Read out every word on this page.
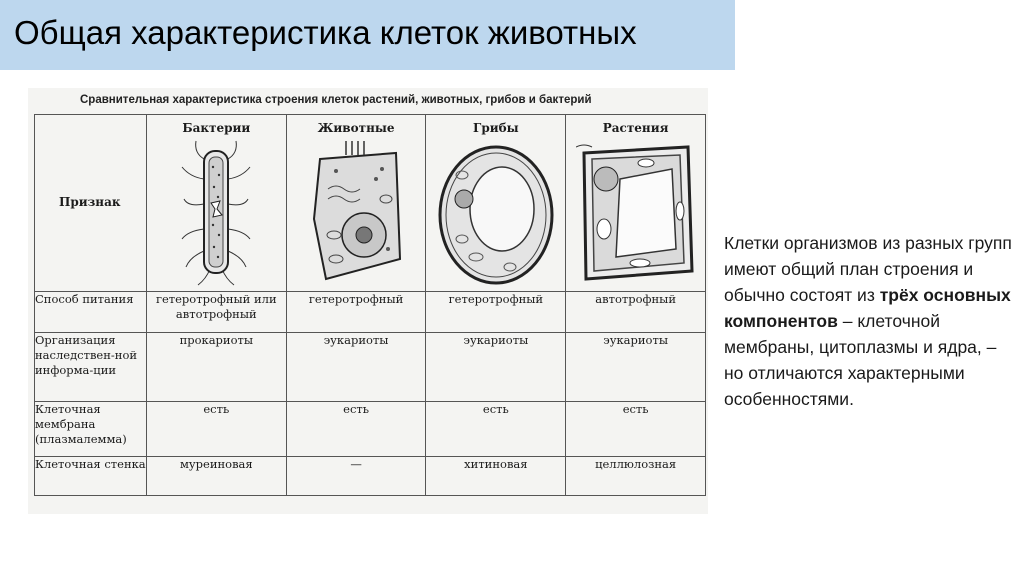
Общая характеристика клеток животных
Сравнительная характеристика строения клеток растений, животных, грибов и бактерий
Признак	Бактерии	Животные	Грибы	Растения

Способ питания	гетеротрофный или автотрофный	гетеротрофный	гетеротрофный	автотрофный
Организация наследствен-ной информа-ции	прокариоты	эукариоты	эукариоты	эукариоты
Клеточная мембрана (плазмалемма)	есть	есть	есть	есть
Клеточная стенка	муреиновая	—	хитиновая	целлюлозная
Клетки организмов из разных групп имеют общий план строения и обычно состоят из трёх основных компонентов – клеточной мембраны, цитоплазмы и ядра, – но отличаются характерными особенностями.
